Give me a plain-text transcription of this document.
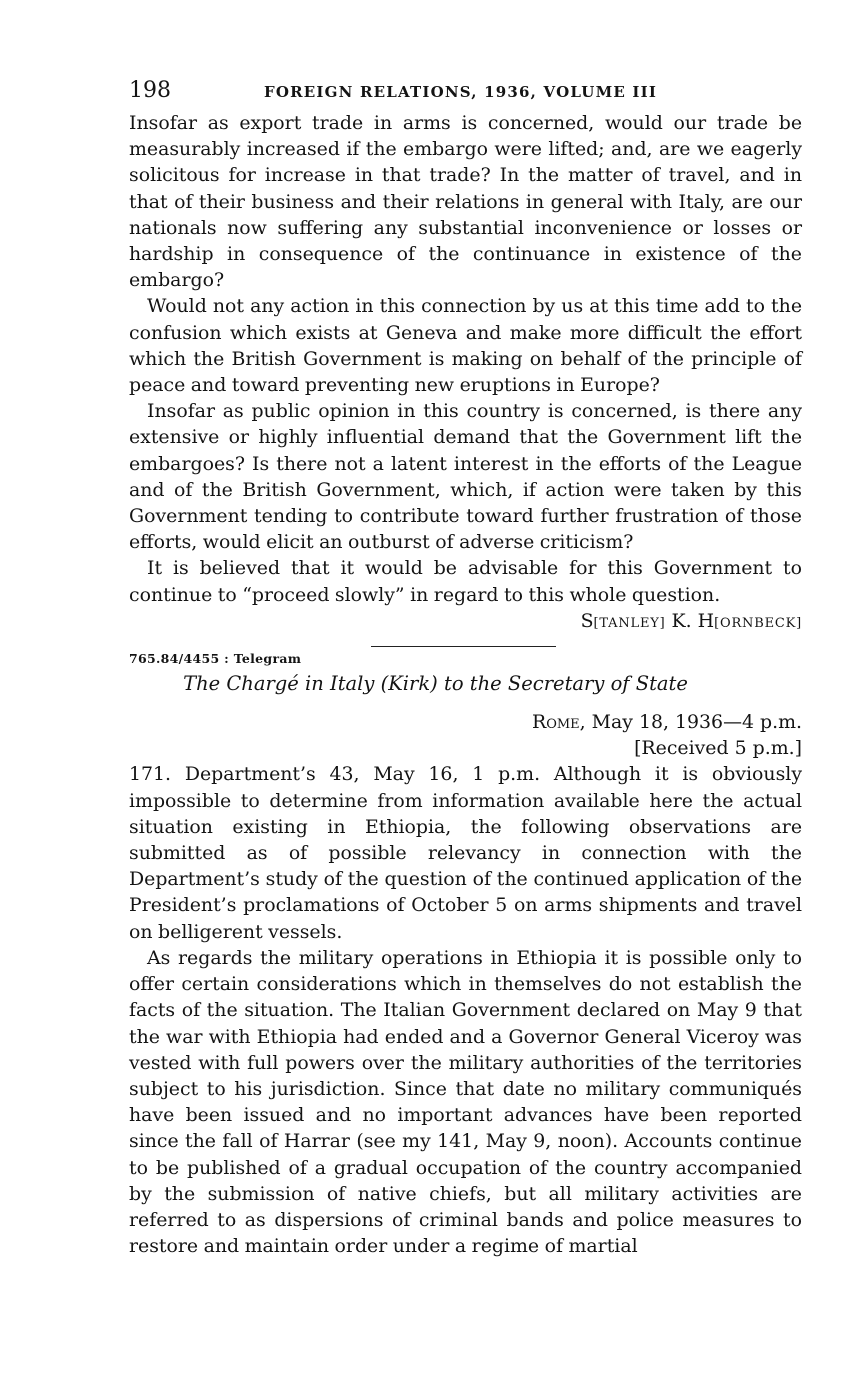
198	FOREIGN RELATIONS, 1936, VOLUME III

Insofar as export trade in arms is concerned, would our trade be measurably increased if the embargo were lifted; and, are we eagerly solicitous for increase in that trade? In the matter of travel, and in that of their business and their relations in general with Italy, are our nationals now suffering any substantial inconvenience or losses or hardship in consequence of the continuance in existence of the embargo?

Would not any action in this connection by us at this time add to the confusion which exists at Geneva and make more difficult the effort which the British Government is making on behalf of the principle of peace and toward preventing new eruptions in Europe?

Insofar as public opinion in this country is concerned, is there any extensive or highly influential demand that the Government lift the embargoes? Is there not a latent interest in the efforts of the League and of the British Government, which, if action were taken by this Government tending to contribute toward further frustration of those efforts, would elicit an outburst of adverse criticism?

It is believed that it would be advisable for this Government to continue to “proceed slowly” in regard to this whole question.

S[TANLEY] K. H[ORNBECK]

765.84/4455 : Telegram
The Chargé in Italy (Kirk) to the Secretary of State

Rome, May 18, 1936—4 p.m.

[Received 5 p.m.]

171. Department’s 43, May 16, 1 p.m. Although it is obviously impossible to determine from information available here the actual situation existing in Ethiopia, the following observations are submitted as of possible relevancy in connection with the Department’s study of the question of the continued application of the President’s proclamations of October 5 on arms shipments and travel on belligerent vessels.

As regards the military operations in Ethiopia it is possible only to offer certain considerations which in themselves do not establish the facts of the situation. The Italian Government declared on May 9 that the war with Ethiopia had ended and a Governor General Viceroy was vested with full powers over the military authorities of the territories subject to his jurisdiction. Since that date no military communiqués have been issued and no important advances have been reported since the fall of Harrar (see my 141, May 9, noon). Accounts continue to be published of a gradual occupation of the country accompanied by the submission of native chiefs, but all military activities are referred to as dispersions of criminal bands and police measures to restore and maintain order under a regime of martial
